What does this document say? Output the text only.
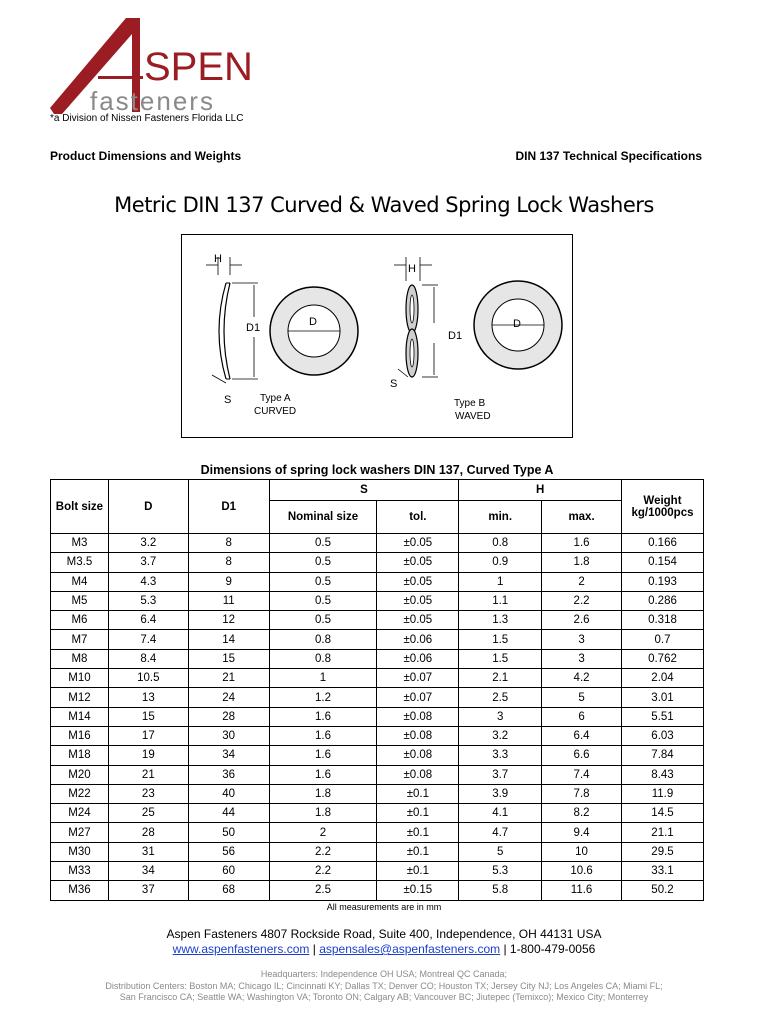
SPEN
fasteners
*a Division of Nissen Fasteners Florida LLC
Product Dimensions and Weights	DIN 137 Technical Specifications
Metric DIN 137 Curved & Waved Spring Lock Washers
H
D1
S
D
Type A
CURVED
H
D1
S
D
Type B
WAVED
Dimensions of spring lock washers DIN 137, Curved Type A
Bolt size	D	D1	S		H		Weight kg/1000pcs
			Nominal size	tol.	min.	max.	
M3	3.2	8	0.5	±0.05	0.8	1.6	0.166
M3.5	3.7	8	0.5	±0.05	0.9	1.8	0.154
M4	4.3	9	0.5	±0.05	1	2	0.193
M5	5.3	11	0.5	±0.05	1.1	2.2	0.286
M6	6.4	12	0.5	±0.05	1.3	2.6	0.318
M7	7.4	14	0.8	±0.06	1.5	3	0.7
M8	8.4	15	0.8	±0.06	1.5	3	0.762
M10	10.5	21	1	±0.07	2.1	4.2	2.04
M12	13	24	1.2	±0.07	2.5	5	3.01
M14	15	28	1.6	±0.08	3	6	5.51
M16	17	30	1.6	±0.08	3.2	6.4	6.03
M18	19	34	1.6	±0.08	3.3	6.6	7.84
M20	21	36	1.6	±0.08	3.7	7.4	8.43
M22	23	40	1.8	±0.1	3.9	7.8	11.9
M24	25	44	1.8	±0.1	4.1	8.2	14.5
M27	28	50	2	±0.1	4.7	9.4	21.1
M30	31	56	2.2	±0.1	5	10	29.5
M33	34	60	2.2	±0.1	5.3	10.6	33.1
M36	37	68	2.5	±0.15	5.8	11.6	50.2
All measurements are in mm
Aspen Fasteners 4807 Rockside Road, Suite 400, Independence, OH 44131 USA
www.aspenfasteners.com | aspensales@aspenfasteners.com | 1-800-479-0056
Headquarters: Independence OH USA; Montreal QC Canada;
Distribution Centers: Boston MA; Chicago IL; Cincinnati KY; Dallas TX; Denver CO; Houston TX; Jersey City NJ; Los Angeles CA; Miami FL;
San Francisco CA; Seattle WA; Washington VA; Toronto ON; Calgary AB; Vancouver BC; Jiutepec (Temixco); Mexico City; Monterrey
